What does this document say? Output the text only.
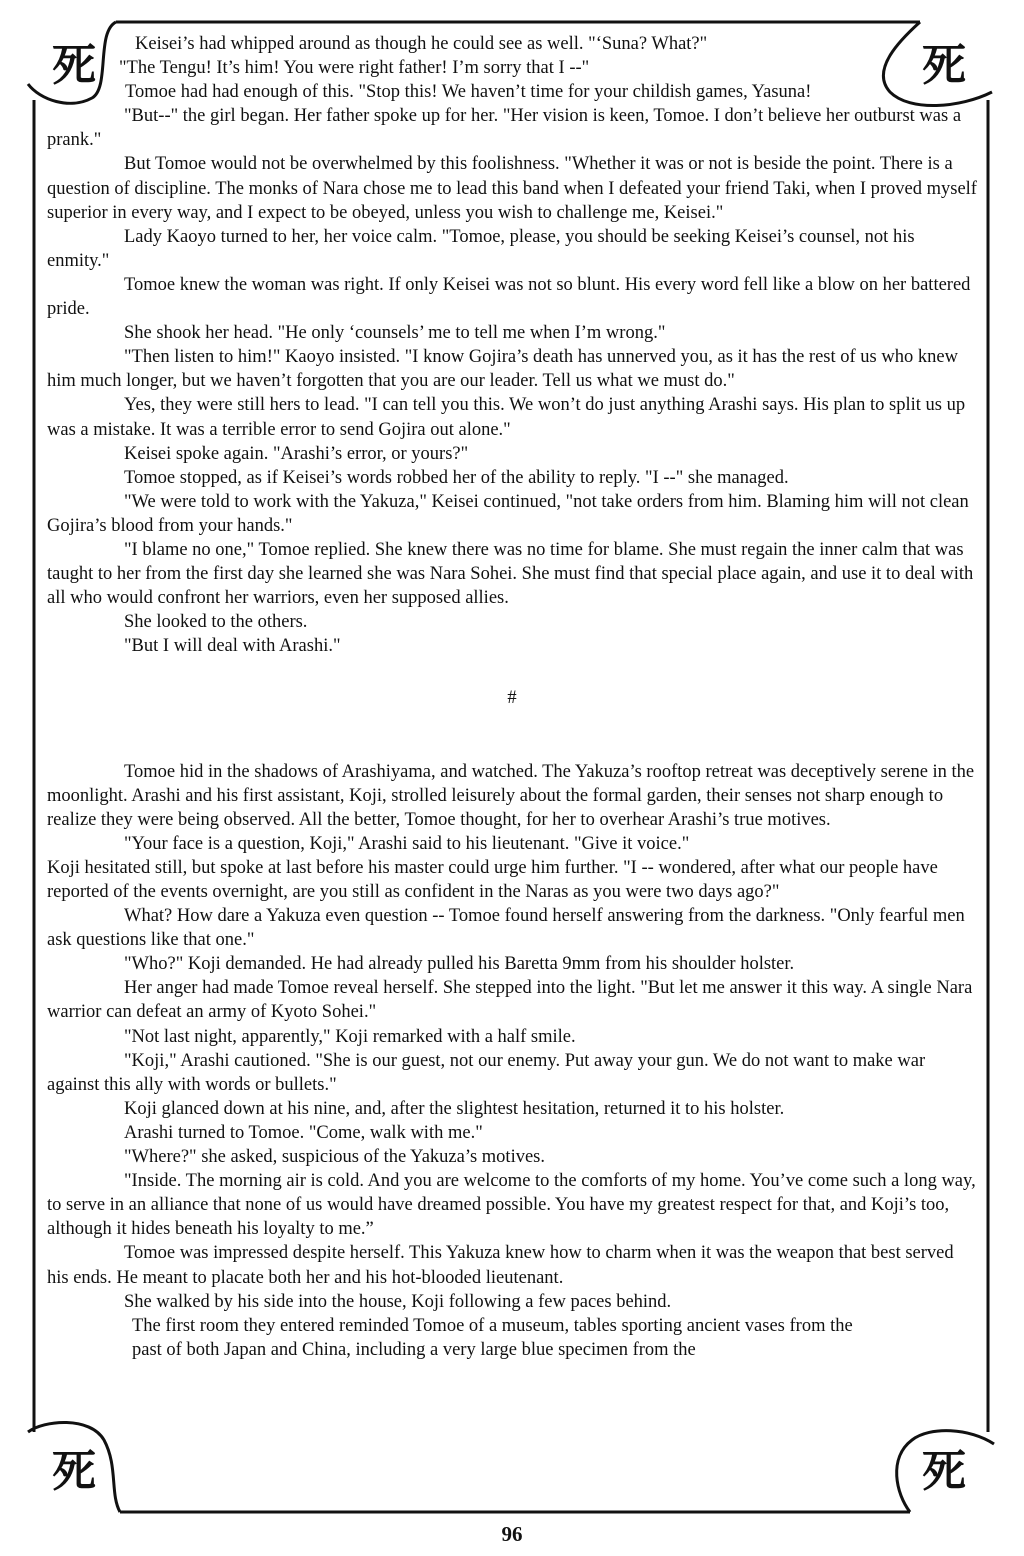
死	死
死	死

Keisei’s had whipped around as though he could see as well. "‘Suna? What?"

"The Tengu! It’s him! You were right father! I’m sorry that I --"

Tomoe had had enough of this. "Stop this! We haven’t time for your childish games, Yasuna!

"But--" the girl began. Her father spoke up for her. "Her vision is keen, Tomoe. I don’t believe her outburst was a prank."

But Tomoe would not be overwhelmed by this foolishness. "Whether it was or not is beside the point. There is a question of discipline. The monks of Nara chose me to lead this band when I defeated your friend Taki, when I proved myself superior in every way, and I expect to be obeyed, unless you wish to challenge me, Keisei."

Lady Kaoyo turned to her, her voice calm. "Tomoe, please, you should be seeking Keisei’s counsel, not his enmity."

Tomoe knew the woman was right. If only Keisei was not so blunt. His every word fell like a blow on her battered pride.

She shook her head. "He only ‘counsels’ me to tell me when I’m wrong."

"Then listen to him!" Kaoyo insisted. "I know Gojira’s death has unnerved you, as it has the rest of us who knew him much longer, but we haven’t forgotten that you are our leader. Tell us what we must do."

Yes, they were still hers to lead. "I can tell you this. We won’t do just anything Arashi says. His plan to split us up was a mistake. It was a terrible error to send Gojira out alone."

Keisei spoke again. "Arashi’s error, or yours?"

Tomoe stopped, as if Keisei’s words robbed her of the ability to reply. "I --" she managed.

"We were told to work with the Yakuza," Keisei continued, "not take orders from him. Blaming him will not clean Gojira’s blood from your hands."

"I blame no one," Tomoe replied. She knew there was no time for blame. She must regain the inner calm that was taught to her from the first day she learned she was Nara Sohei. She must find that special place again, and use it to deal with all who would confront her warriors, even her supposed allies.

She looked to the others.

"But I will deal with Arashi."

#

Tomoe hid in the shadows of Arashiyama, and watched. The Yakuza’s rooftop retreat was deceptively serene in the moonlight. Arashi and his first assistant, Koji, strolled leisurely about the formal garden, their senses not sharp enough to realize they were being observed. All the better, Tomoe thought, for her to overhear Arashi’s true motives.

"Your face is a question, Koji," Arashi said to his lieutenant. "Give it voice."

Koji hesitated still, but spoke at last before his master could urge him further. "I -- wondered, after what our people have reported of the events overnight, are you still as confident in the Naras as you were two days ago?"

What? How dare a Yakuza even question -- Tomoe found herself answering from the darkness. "Only fearful men ask questions like that one."

"Who?" Koji demanded. He had already pulled his Baretta 9mm from his shoulder holster.

Her anger had made Tomoe reveal herself. She stepped into the light. "But let me answer it this way. A single Nara warrior can defeat an army of Kyoto Sohei."

"Not last night, apparently," Koji remarked with a half smile.

"Koji," Arashi cautioned. "She is our guest, not our enemy. Put away your gun. We do not want to make war against this ally with words or bullets."

Koji glanced down at his nine, and, after the slightest hesitation, returned it to his holster.

Arashi turned to Tomoe. "Come, walk with me."

"Where?" she asked, suspicious of the Yakuza’s motives.

"Inside. The morning air is cold. And you are welcome to the comforts of my home. You’ve come such a long way, to serve in an alliance that none of us would have dreamed possible. You have my greatest respect for that, and Koji’s too, although it hides beneath his loyalty to me.”

Tomoe was impressed despite herself. This Yakuza knew how to charm when it was the weapon that best served his ends. He meant to placate both her and his hot-blooded lieutenant.

She walked by his side into the house, Koji following a few paces behind.

The first room they entered reminded Tomoe of a museum, tables sporting ancient vases from the past of both Japan and China, including a very large blue specimen from the

96
